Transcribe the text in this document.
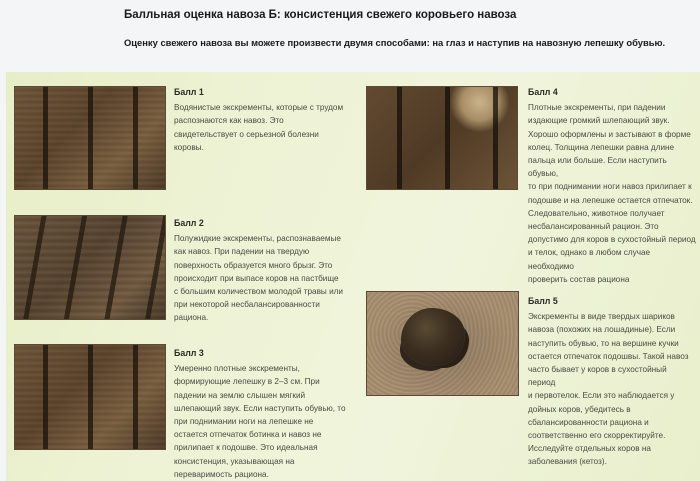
Балльная оценка навоза Б: консистенция свежего коровьего навоза
Оценку свежего навоза вы можете произвести двумя способами: на глаз и наступив на навозную лепешку обувью.
Балл 1
Водянистые экскременты, которые с трудом
распознаются как навоз. Это
свидетельствует о серьезной болезни
коровы.
Балл 2
Полужидкие экскременты, распознаваемые
как навоз. При падении на твердую
поверхность образуется много брызг. Это
происходит при выпасе коров на пастбище
с большим количеством молодой травы или
при некоторой несбалансированности
рациона.
Балл 3
Умеренно плотные экскременты,
формирующие лепешку в 2–3 см. При
падении на землю слышен мягкий
шлепающий звук. Если наступить обувью, то
при поднимании ноги на лепешке не
остается отпечаток ботинка и навоз не
прилипает к подошве. Это идеальная
консистенция, указывающая на
переваримость рациона.
Балл 4
Плотные экскременты, при падении
издающие громкий шлепающий звук.
Хорошо оформлены и застывают в форме
колец. Толщина лепешки равна длине
пальца или больше. Если наступить обувью,
то при поднимании ноги навоз прилипает к
подошве и на лепешке остается отпечаток.
Следовательно, животное получает
несбалансированный рацион. Это
допустимо для коров в сухостойный период
и телок, однако в любом случае необходимо
проверить состав рациона
Балл 5
Экскременты в виде твердых шариков
навоза (похожих на лошадиные). Если
наступить обувью, то на вершине кучки
остается отпечаток подошвы. Такой навоз
часто бывает у коров в сухостойный период
и первотелок. Если это наблюдается у
дойных коров, убедитесь в
сбалансированности рациона и
соответственно его скорректируйте.
Исследуйте отдельных коров на
заболевания (кетоз).
